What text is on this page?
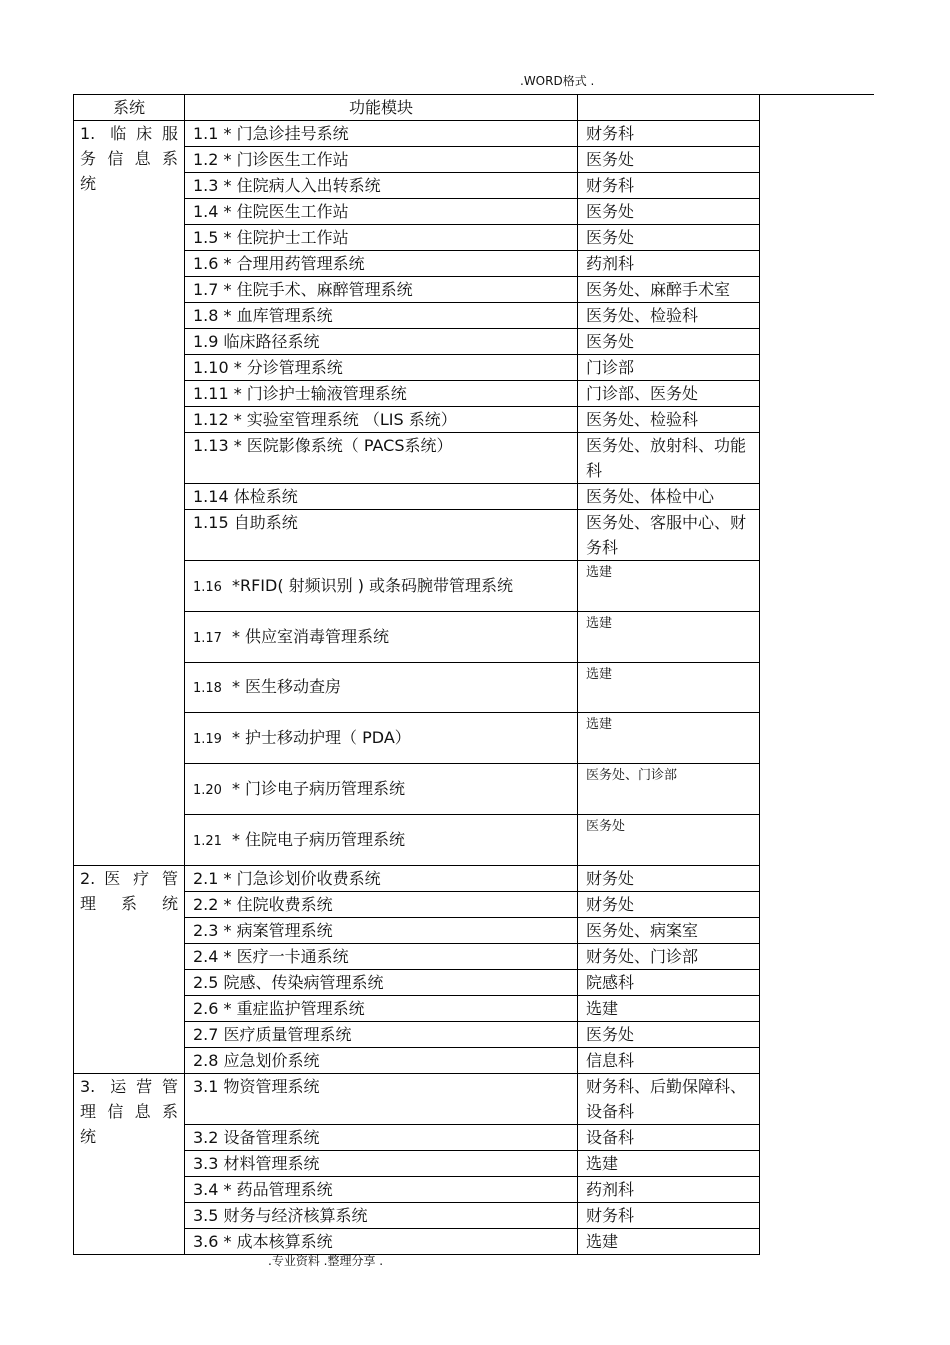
.WORD格式 .
系统	功能模块	

1. 临床服
务 信 息 系
统	1.1 * 门急诊挂号系统	财务科
	1.2 * 门诊医生工作站	医务处
	1.3 * 住院病人入出转系统	财务科
	1.4 * 住院医生工作站	医务处
	1.5 * 住院护士工作站	医务处
	1.6 * 合理用药管理系统	药剂科
	1.7 * 住院手术、麻醉管理系统	医务处、麻醉手术室
	1.8 * 血库管理系统	医务处、检验科
	1.9 临床路径系统	医务处
	1.10 * 分诊管理系统	门诊部
	1.11 * 门诊护士输液管理系统	门诊部、医务处
	1.12 * 实验室管理系统 （LIS 系统）	医务处、检验科
	1.13 * 医院影像系统（ PACS系统）	医务处、放射科、功能科
	1.14 体检系统	医务处、体检中心
	1.15 自助系统	医务处、客服中心、财务科
	1.16 *RFID( 射频识别 ) 或条码腕带管理系统	选建
	1.17 * 供应室消毒管理系统	选建
	1.18 * 医生移动查房	选建
	1.19 * 护士移动护理（ PDA）	选建
	1.20 * 门诊电子病历管理系统	医务处、门诊部
	1.21 * 住院电子病历管理系统	医务处

2. 医 疗 管
理系统	2.1 * 门急诊划价收费系统	财务处
	2.2 * 住院收费系统	财务处
	2.3 * 病案管理系统	医务处、病案室
	2.4 * 医疗一卡通系统	财务处、门诊部
	2.5 院感、传染病管理系统	院感科
	2.6 * 重症监护管理系统	选建
	2.7 医疗质量管理系统	医务处
	2.8 应急划价系统	信息科

3. 运营管
理 信 息 系
统	3.1 物资管理系统	财务科、后勤保障科、设备科
	3.2 设备管理系统	设备科
	3.3 材料管理系统	选建
	3.4 * 药品管理系统	药剂科
	3.5 财务与经济核算系统	财务科
	3.6 * 成本核算系统	选建
.专业资料 .整理分享 .
